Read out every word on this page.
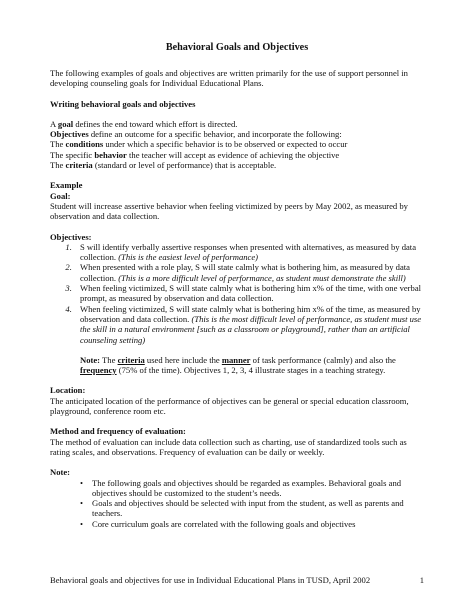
Behavioral Goals and Objectives

The following examples of goals and objectives are written primarily for the use of support personnel in developing counseling goals for Individual Educational Plans.

Writing behavioral goals and objectives

A goal defines the end toward which effort is directed.

Objectives define an outcome for a specific behavior, and incorporate the following:

The conditions under which a specific behavior is to be observed or expected to occur

The specific behavior the teacher will accept as evidence of achieving the objective

The criteria (standard or level of performance) that is acceptable.

Example

Goal:

Student will increase assertive behavior when feeling victimized by peers by May 2002, as measured by observation and data collection.

Objectives:

1. S will identify verbally assertive responses when presented with alternatives, as measured by data collection. (This is the easiest level of performance)
2. When presented with a role play, S will state calmly what is bothering him, as measured by data collection. (This is a more difficult level of performance, as student must demonstrate the skill)
3. When feeling victimized, S will state calmly what is bothering him x% of the time, with one verbal prompt, as measured by observation and data collection.
4. When feeling victimized, S will state calmly what is bothering him x% of the time, as measured by observation and data collection. (This is the most difficult level of performance, as student must use the skill in a natural environment [such as a classroom or playground], rather than an artificial counseling setting)

Note: The criteria used here include the manner of task performance (calmly) and also the frequency (75% of the time). Objectives 1, 2, 3, 4 illustrate stages in a teaching strategy.

Location:

The anticipated location of the performance of objectives can be general or special education classroom, playground, conference room etc.

Method and frequency of evaluation:

The method of evaluation can include data collection such as charting, use of standardized tools such as rating scales, and observations. Frequency of evaluation can be daily or weekly.

Note:

• The following goals and objectives should be regarded as examples. Behavioral goals and objectives should be customized to the student’s needs.
• Goals and objectives should be selected with input from the student, as well as parents and teachers.
• Core curriculum goals are correlated with the following goals and objectives
Behavioral goals and objectives for use in Individual Educational Plans in TUSD, April 2002	1
